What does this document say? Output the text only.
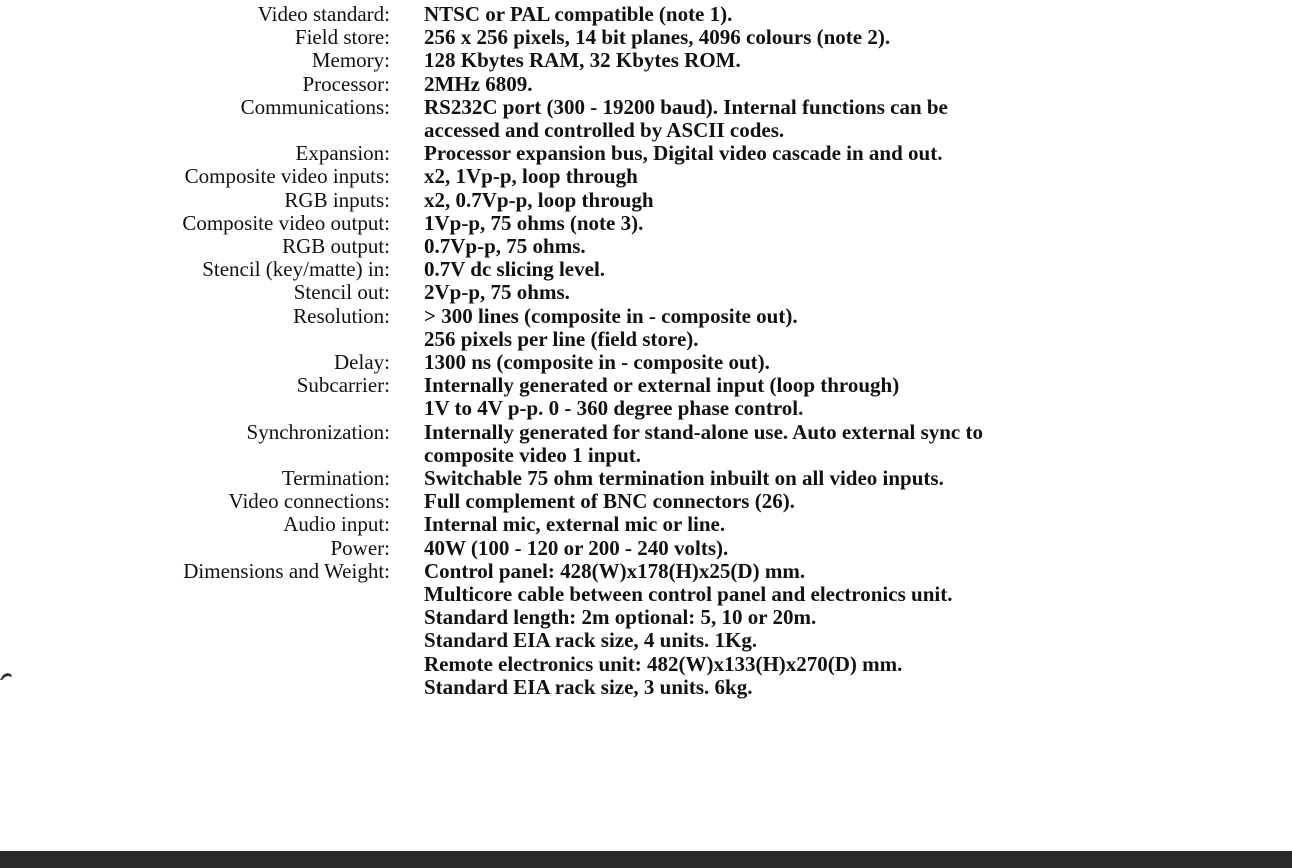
Video standard: NTSC or PAL compatible (note 1).
Field store: 256 x 256 pixels, 14 bit planes, 4096 colours (note 2).
Memory: 128 Kbytes RAM, 32 Kbytes ROM.
Processor: 2MHz 6809.
Communications: RS232C port (300 - 19200 baud). Internal functions can be
accessed and controlled by ASCII codes.
Expansion: Processor expansion bus, Digital video cascade in and out.
Composite video inputs: x2, 1Vp-p, loop through
RGB inputs: x2, 0.7Vp-p, loop through
Composite video output: 1Vp-p, 75 ohms (note 3).
RGB output: 0.7Vp-p, 75 ohms.
Stencil (key/matte) in: 0.7V dc slicing level.
Stencil out: 2Vp-p, 75 ohms.
Resolution: > 300 lines (composite in - composite out).
256 pixels per line (field store).
Delay: 1300 ns (composite in - composite out).
Subcarrier: Internally generated or external input (loop through)
1V to 4V p-p. 0 - 360 degree phase control.
Synchronization: Internally generated for stand-alone use. Auto external sync to
composite video 1 input.
Termination: Switchable 75 ohm termination inbuilt on all video inputs.
Video connections: Full complement of BNC connectors (26).
Audio input: Internal mic, external mic or line.
Power: 40W (100 - 120 or 200 - 240 volts).
Dimensions and Weight: Control panel: 428(W)x178(H)x25(D) mm.
Multicore cable between control panel and electronics unit.
Standard length: 2m optional: 5, 10 or 20m.
Standard EIA rack size, 4 units. 1Kg.
Remote electronics unit: 482(W)x133(H)x270(D) mm.
Standard EIA rack size, 3 units. 6kg.
